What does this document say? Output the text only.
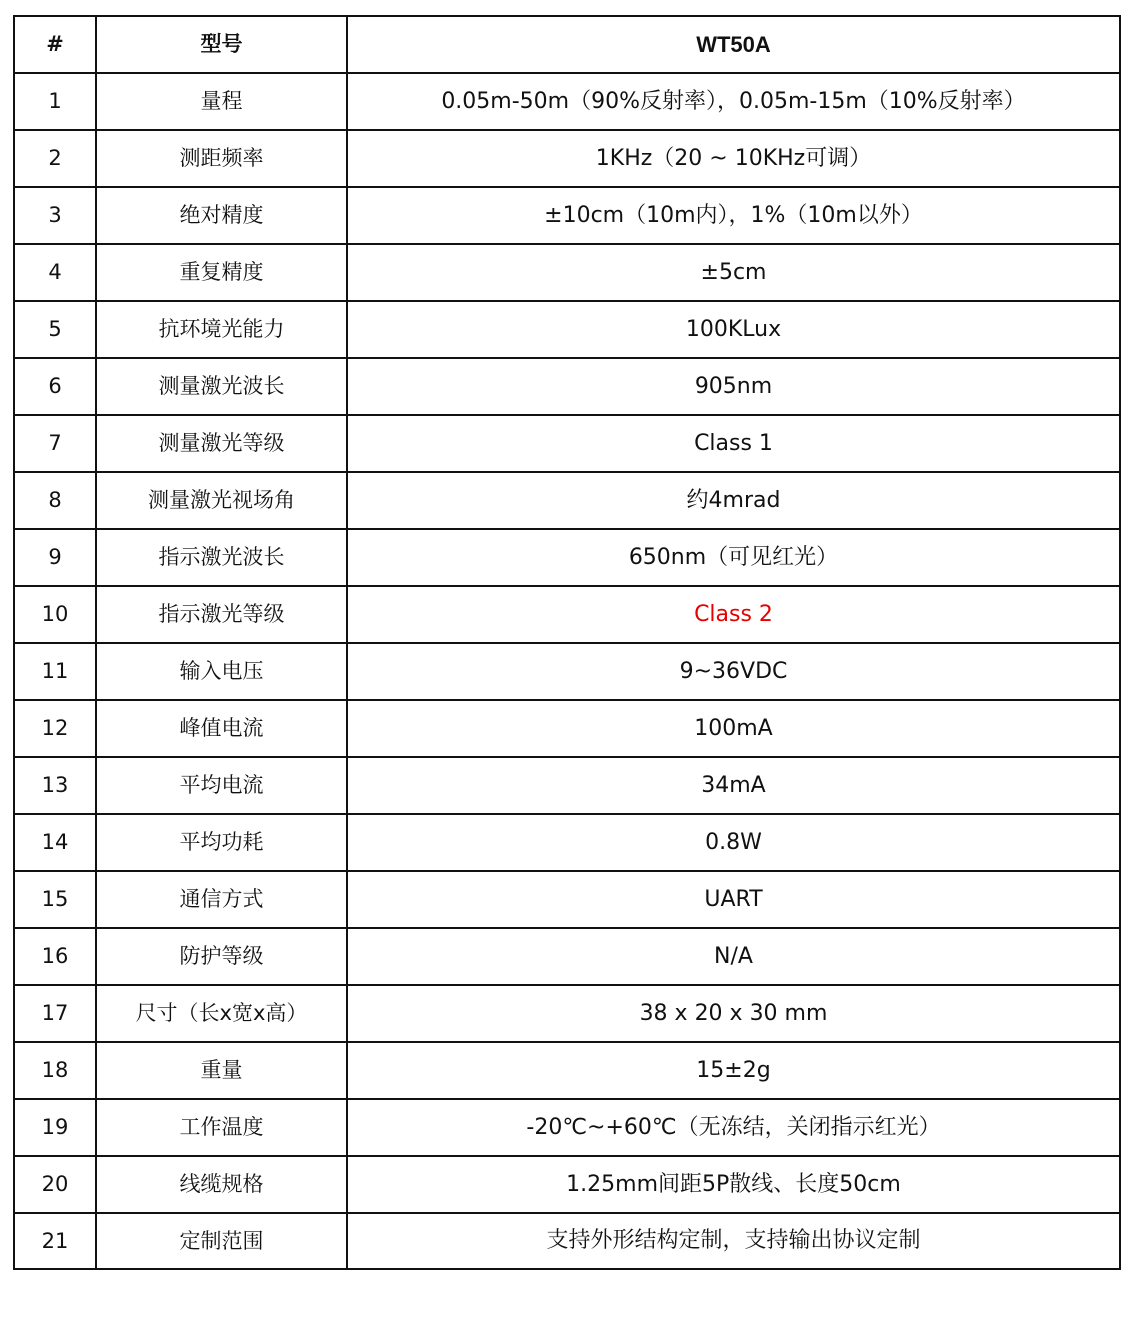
#	型号	WT50A
1	量程	0.05m-50m（90%反射率），0.05m-15m（10%反射率）
2	测距频率	1KHz（20 ~ 10KHz可调）
3	绝对精度	±10cm（10m内），1%（10m以外）
4	重复精度	±5cm
5	抗环境光能力	100KLux
6	测量激光波长	905nm
7	测量激光等级	Class 1
8	测量激光视场角	约4mrad
9	指示激光波长	650nm（可见红光）
10	指示激光等级	Class 2
11	输入电压	9~36VDC
12	峰值电流	100mA
13	平均电流	34mA
14	平均功耗	0.8W
15	通信方式	UART
16	防护等级	N/A
17	尺寸（长x宽x高）	38 x 20 x 30 mm
18	重量	15±2g
19	工作温度	-20℃~+60℃（无冻结，关闭指示红光）
20	线缆规格	1.25mm间距5P散线、长度50cm
21	定制范围	支持外形结构定制，支持输出协议定制
